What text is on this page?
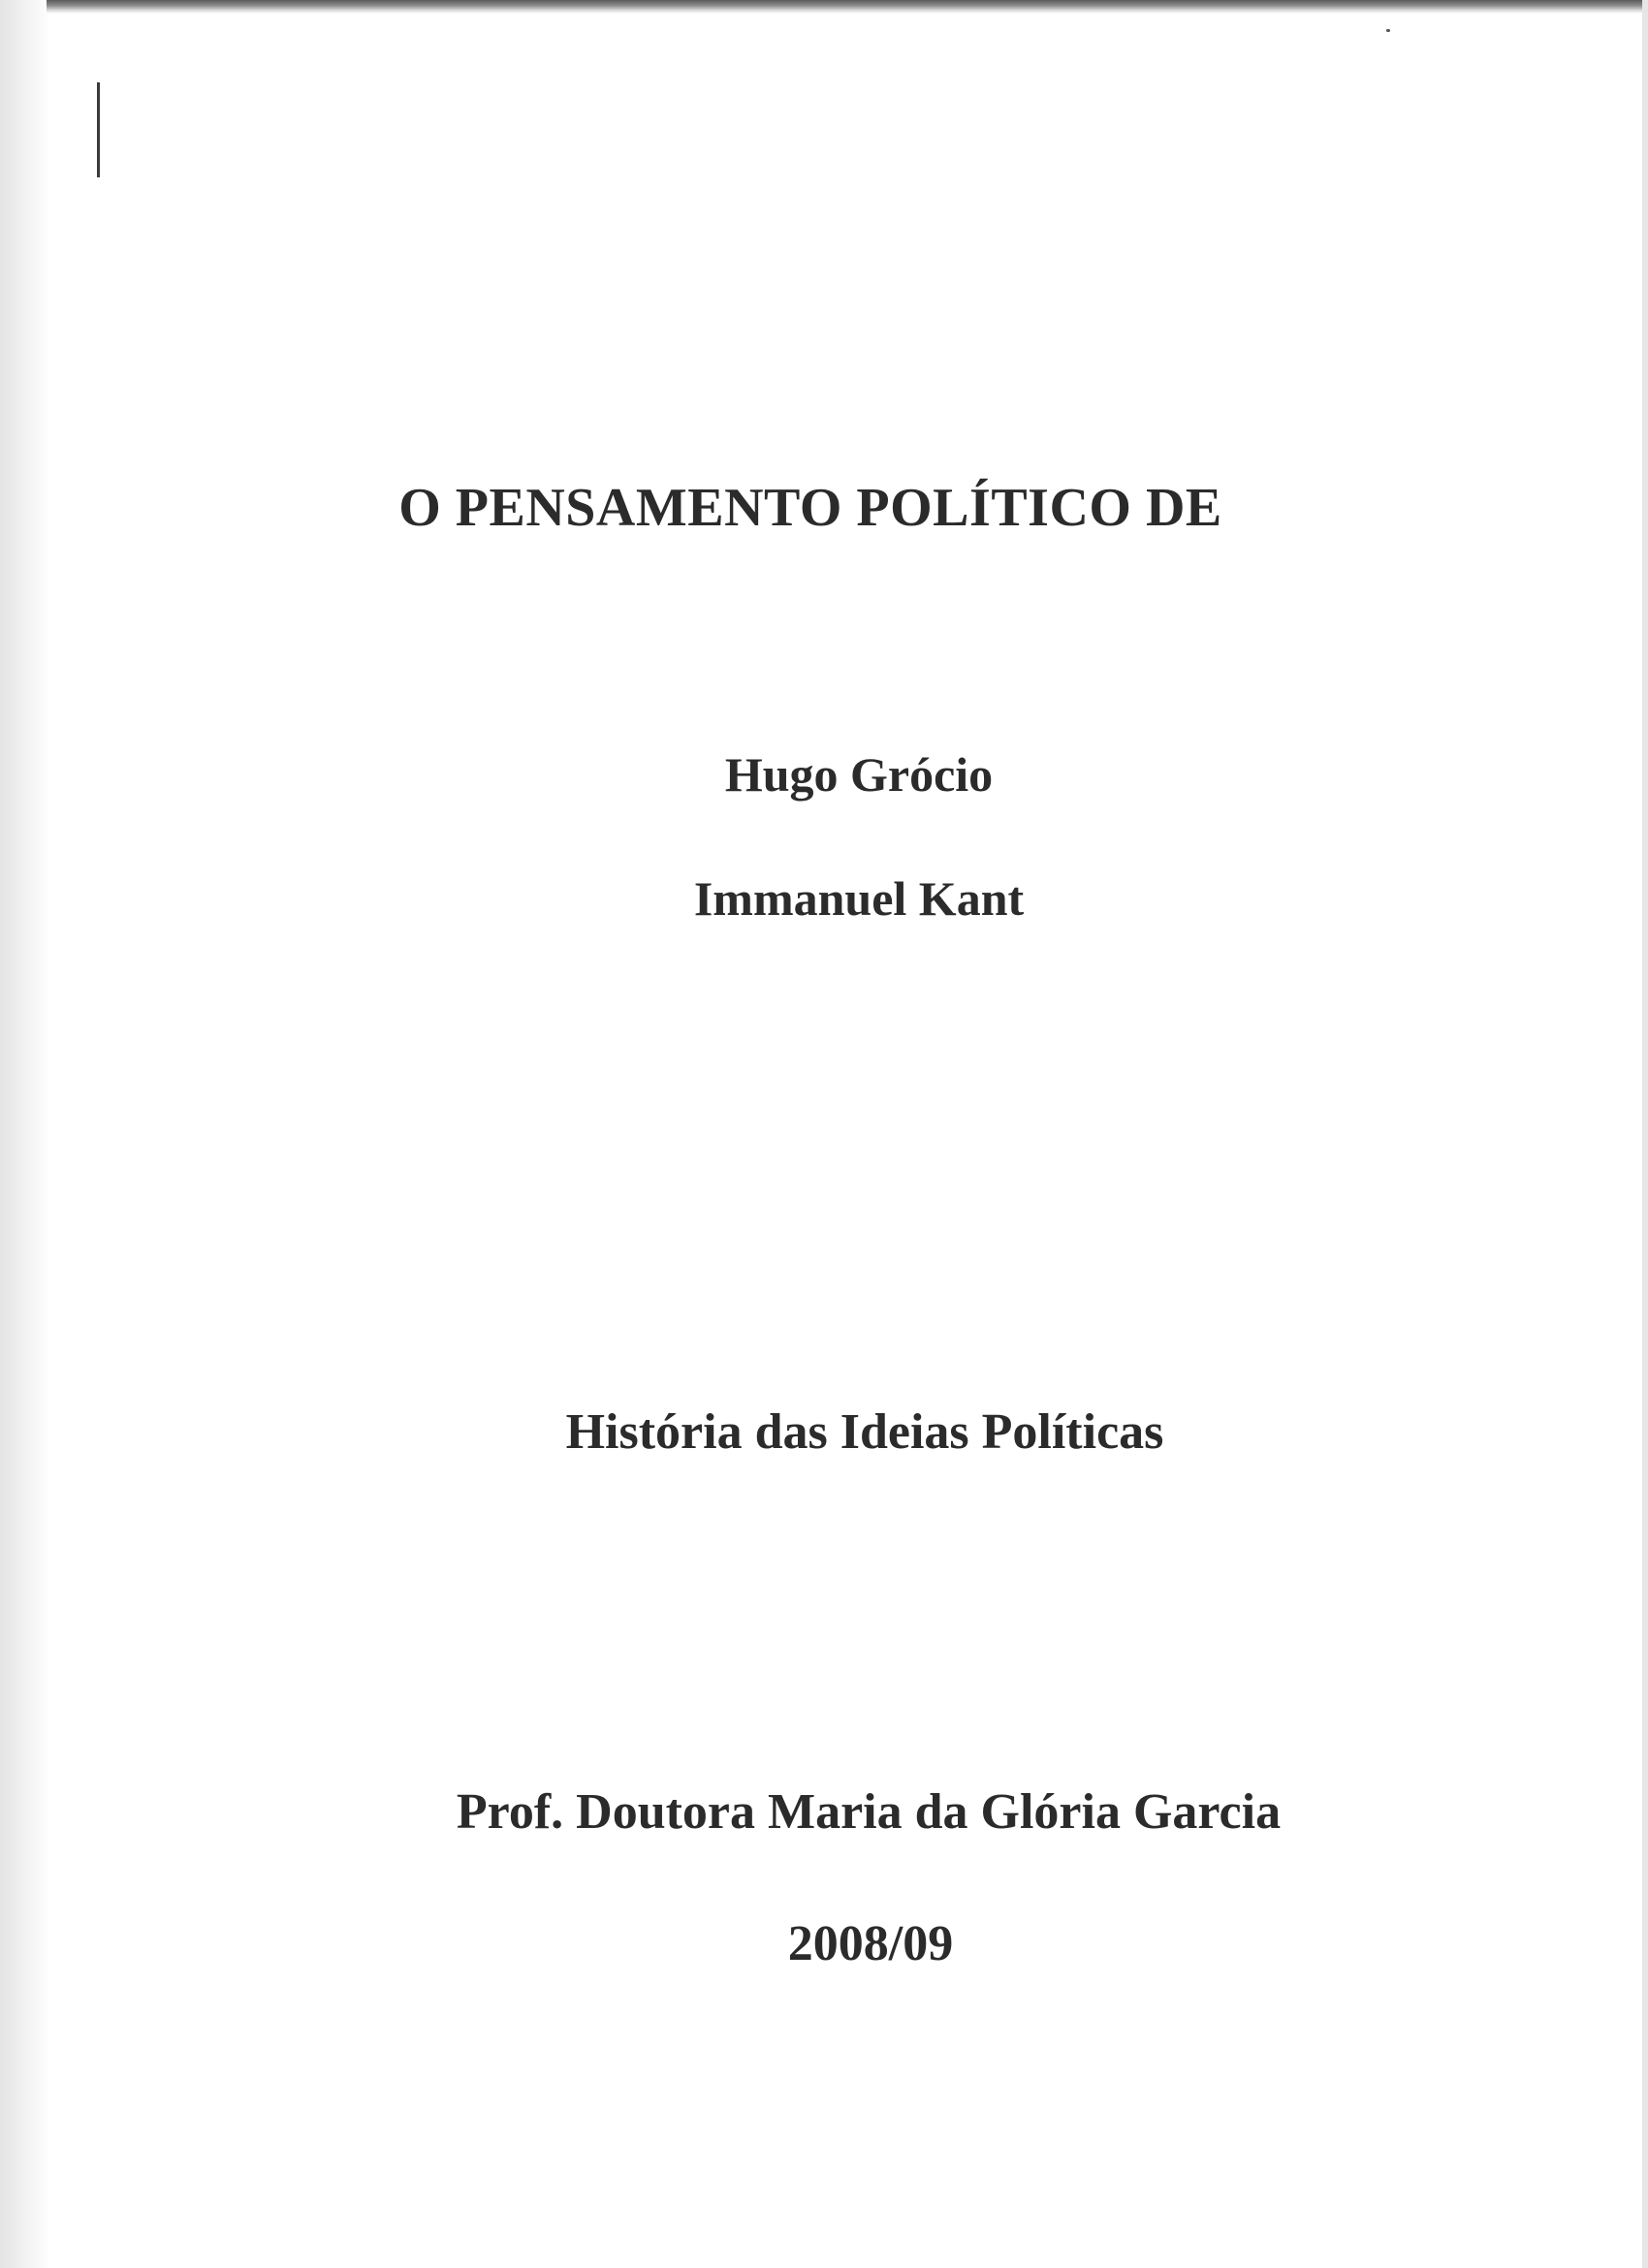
O PENSAMENTO POLÍTICO DE
Hugo Grócio
Immanuel Kant
História das Ideias Políticas
Prof. Doutora Maria da Glória Garcia
2008/09
